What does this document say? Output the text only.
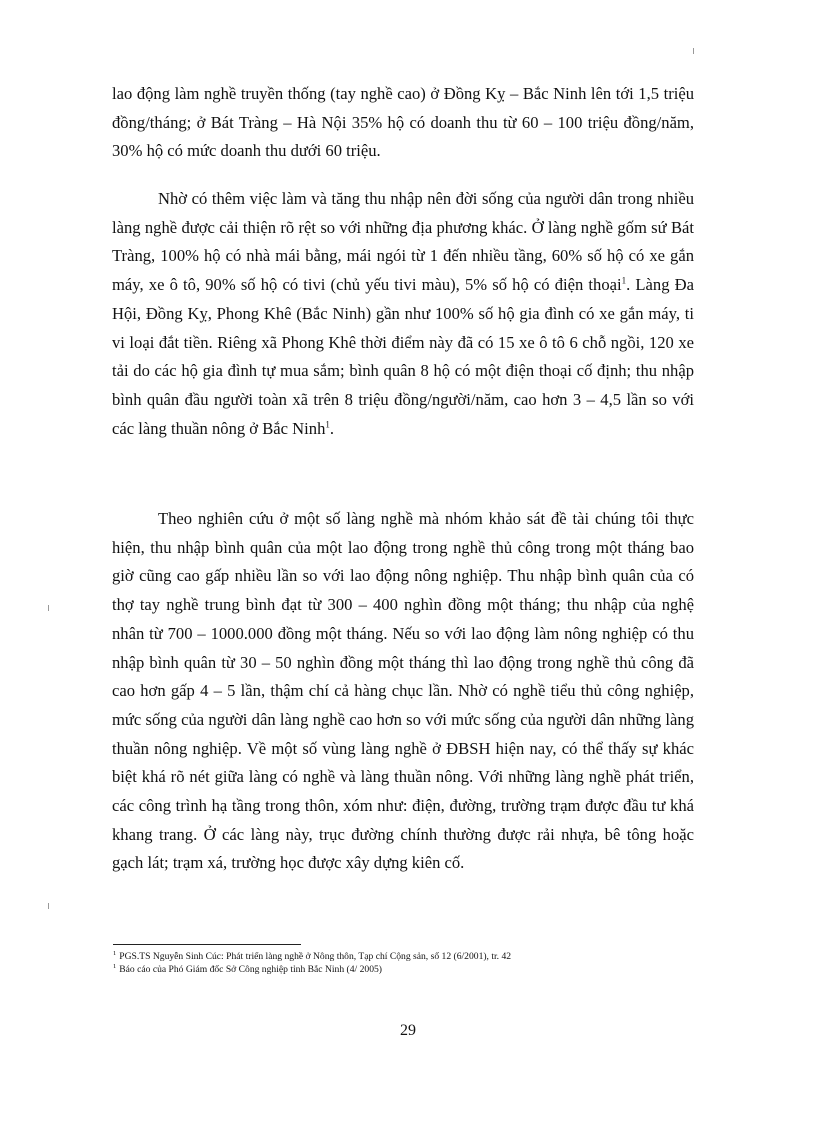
lao động làm nghề truyền thống (tay nghề cao) ở Đồng Kỵ – Bắc Ninh lên tới 1,5 triệu đồng/tháng; ở Bát Tràng – Hà Nội 35% hộ có doanh thu từ 60 – 100 triệu đồng/năm, 30% hộ có mức doanh thu dưới 60 triệu.

Nhờ có thêm việc làm và tăng thu nhập nên đời sống của người dân trong nhiều làng nghề được cải thiện rõ rệt so với những địa phương khác. Ở làng nghề gốm sứ Bát Tràng, 100% hộ có nhà mái bằng, mái ngói từ 1 đến nhiều tầng, 60% số hộ có xe gắn máy, xe ô tô, 90% số hộ có tivi (chủ yếu tivi màu), 5% số hộ có điện thoại$^1$. Làng Đa Hội, Đồng Kỵ, Phong Khê (Bắc Ninh) gần như 100% số hộ gia đình có xe gắn máy, ti vi loại đắt tiền. Riêng xã Phong Khê thời điểm này đã có 15 xe ô tô 6 chỗ ngồi, 120 xe tải do các hộ gia đình tự mua sắm; bình quân 8 hộ có một điện thoại cố định; thu nhập bình quân đầu người toàn xã trên 8 triệu đồng/người/năm, cao hơn 3 – 4,5 lần so với các làng thuần nông ở Bắc Ninh$^1$.

Theo nghiên cứu ở một số làng nghề mà nhóm khảo sát đề tài chúng tôi thực hiện, thu nhập bình quân của một lao động trong nghề thủ công trong một tháng bao giờ cũng cao gấp nhiều lần so với lao động nông nghiệp. Thu nhập bình quân của có thợ tay nghề trung bình đạt từ 300 – 400 nghìn đồng một tháng; thu nhập của nghệ nhân từ 700 – 1000.000 đồng một tháng. Nếu so với lao động làm nông nghiệp có thu nhập bình quân từ 30 – 50 nghìn đồng một tháng thì lao động trong nghề thủ công đã cao hơn gấp 4 – 5 lần, thậm chí cả hàng chục lần. Nhờ có nghề tiểu thủ công nghiệp, mức sống của người dân làng nghề cao hơn so với mức sống của người dân những làng thuần nông nghiệp. Về một số vùng làng nghề ở ĐBSH hiện nay, có thể thấy sự khác biệt khá rõ nét giữa làng có nghề và làng thuần nông. Với những làng nghề phát triển, các công trình hạ tầng trong thôn, xóm như: điện, đường, trường trạm được đầu tư khá khang trang. Ở các làng này, trục đường chính thường được rải nhựa, bê tông hoặc gạch lát; trạm xá, trường học được xây dựng kiên cố.

$^1$ PGS.TS Nguyễn Sinh Cúc: Phát triển làng nghề ở Nông thôn, Tạp chí Cộng sản, số 12 (6/2001), tr. 42

$^1$ Báo cáo của Phó Giám đốc Sở Công nghiệp tỉnh Bắc Ninh (4/ 2005)

29
